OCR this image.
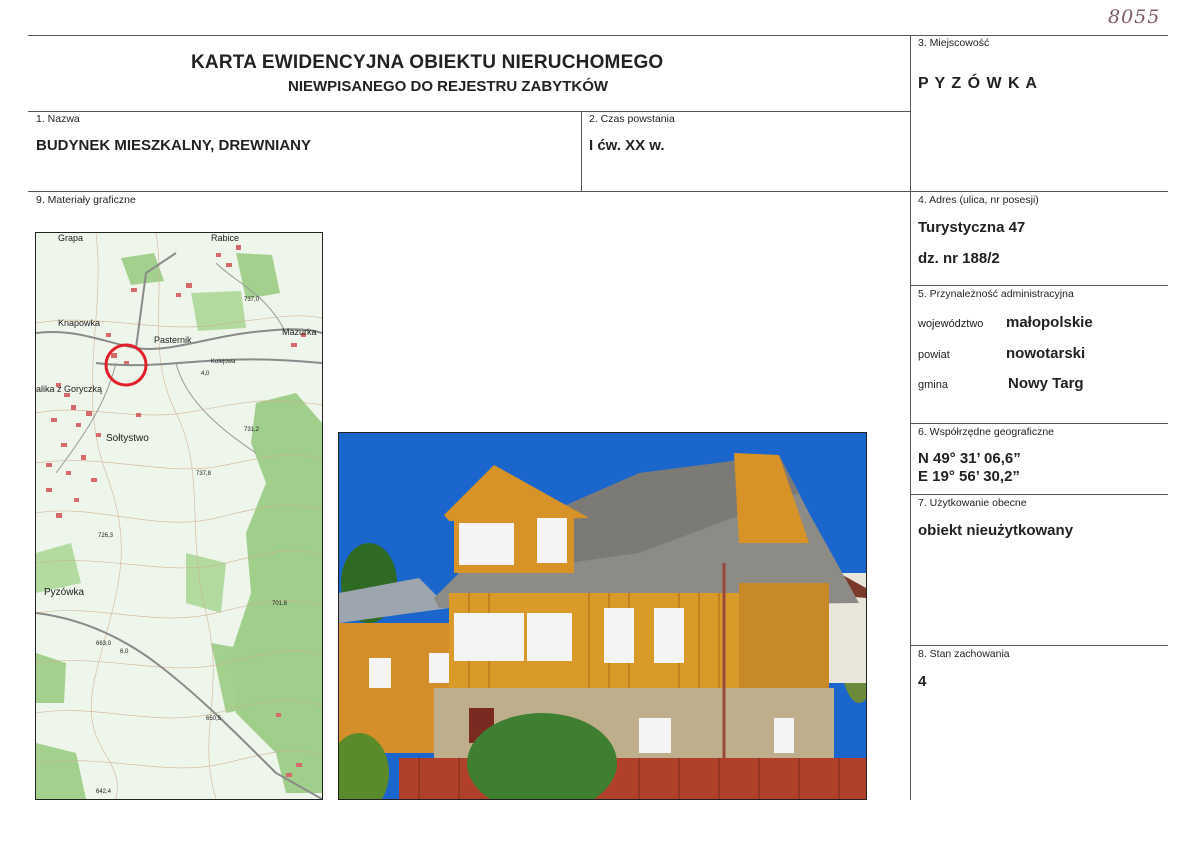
8055
KARTA EWIDENCYJNA OBIEKTU NIERUCHOMEGO
NIEWPISANEGO DO REJESTRU ZABYTKÓW
3. Miejscowość
P Y Z Ó W K A
1. Nazwa
BUDYNEK MIESZKALNY, DREWNIANY
2. Czas powstania
I ćw. XX w.
9. Materiały graficzne	4. Adres (ulica, nr posesji)
Turystyczna 47
dz. nr 188/2
5. Przynależność administracyjna
województwo małopolskie
powiat	nowotarski
gmina	Nowy Targ
6. Współrzędne geograficzne
N 49° 31’ 06,6”
E 19° 56’ 30,2”
7. Użytkowanie obecne
obiekt nieużytkowany
8. Stan zachowania
4
Grapa	Rabice
Knapowka
Pasternik
Mazurka
Kolejowa
alika z Goryczką
Sołtystwo
Pyzówka
737,0
731,2
737,8
726,3
701,8
663,0
6,0
650,5
642,4
4,0
